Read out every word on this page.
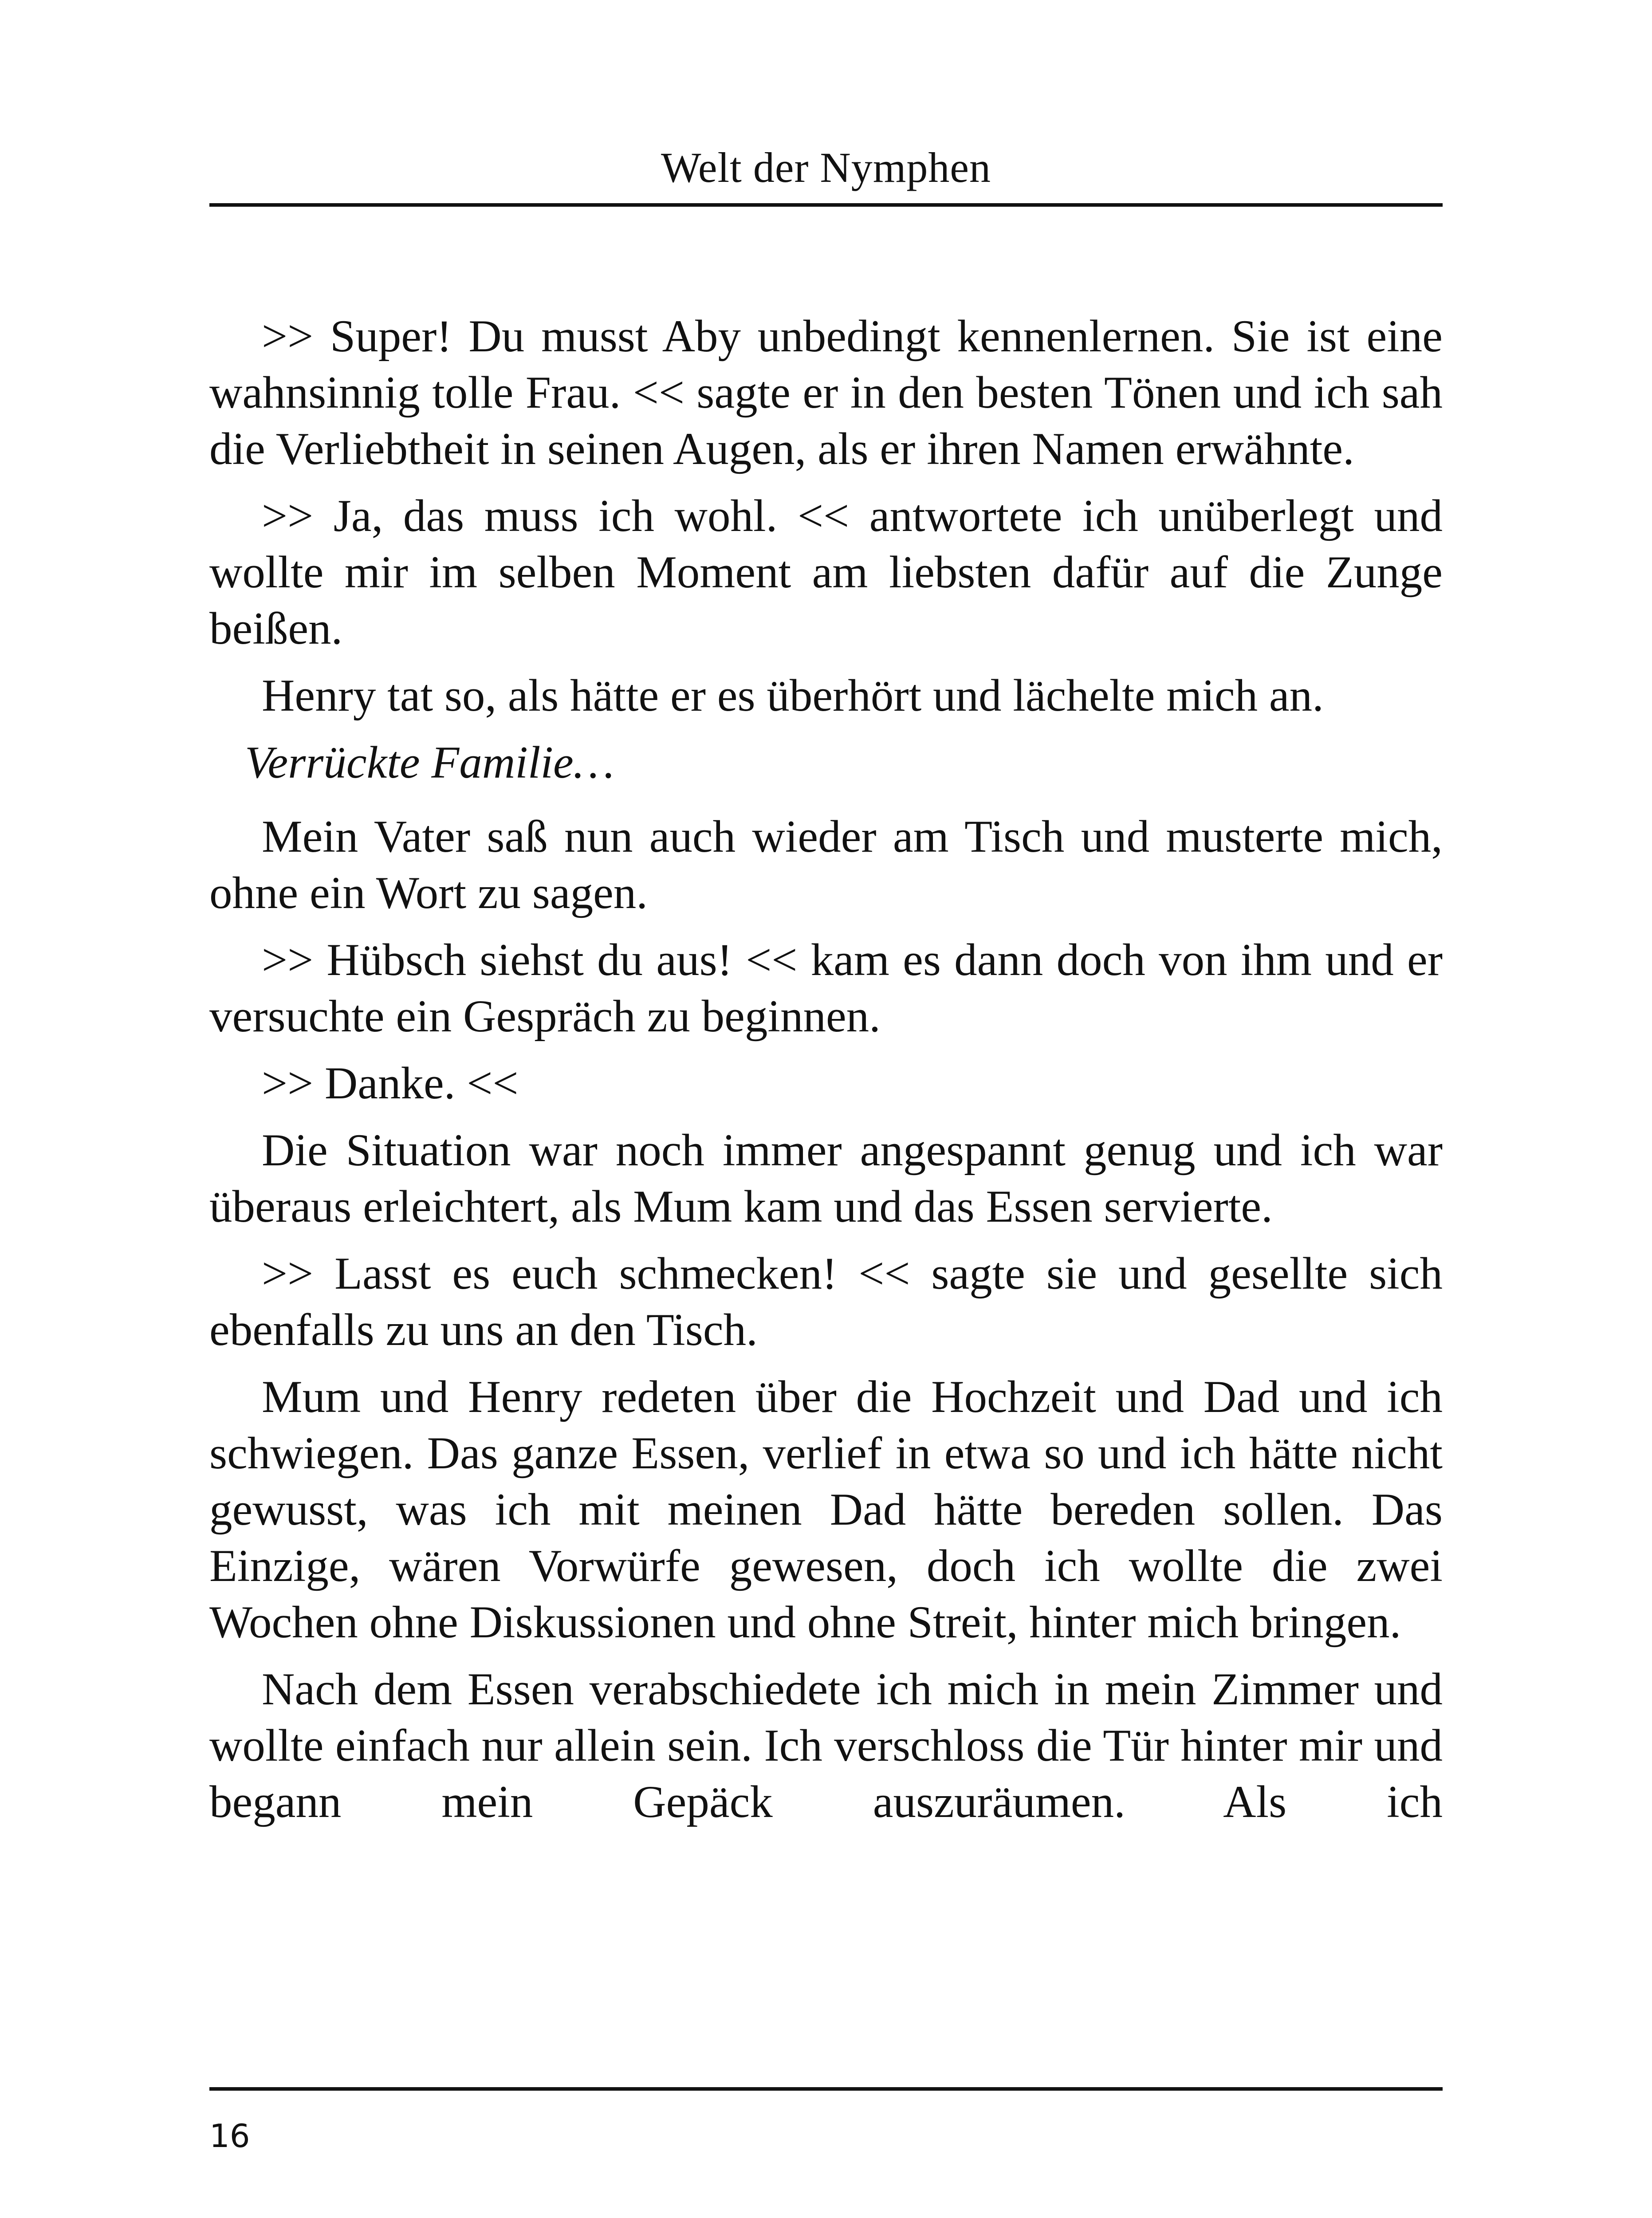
Welt der Nymphen

>> Super! Du musst Aby unbedingt kennenlernen. Sie ist eine wahnsinnig tolle Frau. << sagte er in den besten Tönen und ich sah die Verliebtheit in seinen Augen, als er ihren Namen erwähnte.

>> Ja, das muss ich wohl. << antwortete ich unüberlegt und wollte mir im selben Moment am liebsten dafür auf die Zunge beißen.

Henry tat so, als hätte er es überhört und lächelte mich an.

Verrückte Familie…

Mein Vater saß nun auch wieder am Tisch und musterte mich, ohne ein Wort zu sagen.

>> Hübsch siehst du aus! << kam es dann doch von ihm und er versuchte ein Gespräch zu beginnen.

>> Danke. <<

Die Situation war noch immer angespannt genug und ich war überaus erleichtert, als Mum kam und das Essen servierte.

>> Lasst es euch schmecken! << sagte sie und gesellte sich ebenfalls zu uns an den Tisch.

Mum und Henry redeten über die Hochzeit und Dad und ich schwiegen. Das ganze Essen, verlief in etwa so und ich hätte nicht gewusst, was ich mit meinen Dad hätte bereden sollen. Das Einzige, wären Vorwürfe gewesen, doch ich wollte die zwei Wochen ohne Diskussionen und ohne Streit, hinter mich bringen.

Nach dem Essen verabschiedete ich mich in mein Zimmer und wollte einfach nur allein sein. Ich verschloss die Tür hinter mir und begann mein Gepäck auszuräumen. Als ich

16
